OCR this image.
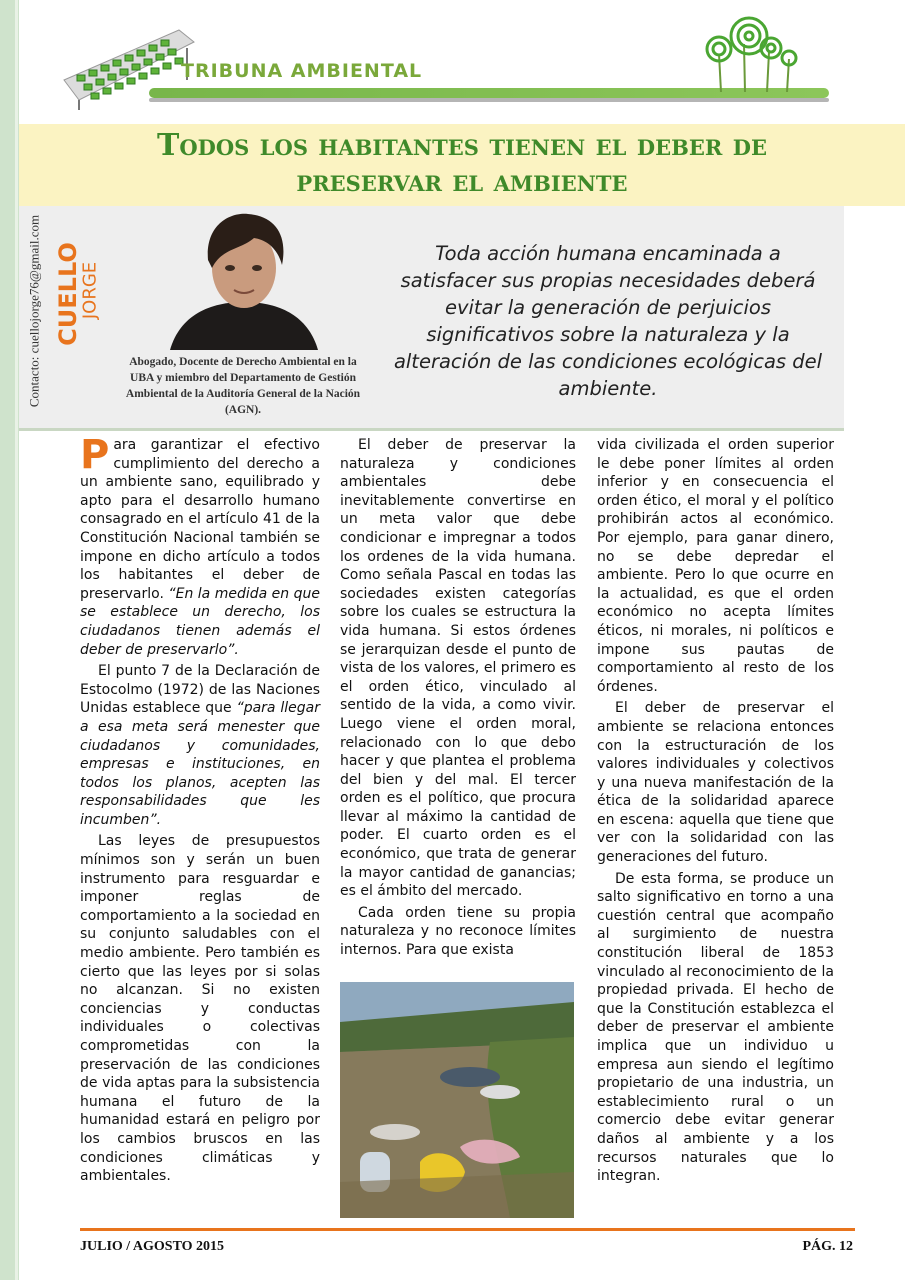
TRIBUNA AMBIENTAL
Todos los habitantes tienen el deber de
preservar el ambiente
Contacto: cuellojorge76@gmail.com CUELLO
JORGE
Abogado, Docente de Derecho Ambiental en la UBA y miembro del Departamento de Gestión Ambiental de la Auditoría General de la Nación (AGN).
Toda acción humana encaminada a satisfacer sus propias necesidades deberá evitar la generación de perjuicios significativos sobre la naturaleza y la alteración de las condiciones ecológicas del ambiente.

Para garantizar el efectivo cumplimiento del derecho a un ambiente sano, equilibrado y apto para el desarrollo humano consagrado en el artículo 41 de la Constitución Nacional también se impone en dicho artículo a todos los habitantes el deber de preservarlo. “En la medida en que se establece un derecho, los ciudadanos tienen además el deber de preservarlo”.

El punto 7 de la Declaración de Estocolmo (1972) de las Naciones Unidas establece que “para llegar a esa meta será menester que ciudadanos y comunidades, empresas e instituciones, en todos los planos, acepten las responsabilidades que les incumben”.

Las leyes de presupuestos mínimos son y serán un buen instrumento para resguardar e imponer reglas de comportamiento a la sociedad en su conjunto saludables con el medio ambiente. Pero también es cierto que las leyes por si solas no alcanzan. Si no existen conciencias y conductas individuales o colectivas comprometidas con la preservación de las condiciones de vida aptas para la subsistencia humana el futuro de la humanidad estará en peligro por los cambios bruscos en las condiciones climáticas y ambientales.

El deber de preservar la naturaleza y condiciones ambientales debe inevitablemente convertirse en un meta valor que debe condicionar e impregnar a todos los ordenes de la vida humana. Como señala Pascal en todas las sociedades existen categorías sobre los cuales se estructura la vida humana. Si estos órdenes se jerarquizan desde el punto de vista de los valores, el primero es el orden ético, vinculado al sentido de la vida, a como vivir. Luego viene el orden moral, relacionado con lo que debo hacer y que plantea el problema del bien y del mal. El tercer orden es el político, que procura llevar al máximo la cantidad de poder. El cuarto orden es el económico, que trata de generar la mayor cantidad de ganancias; es el ámbito del mercado.

Cada orden tiene su propia naturaleza y no reconoce límites internos. Para que exista

vida civilizada el orden superior le debe poner límites al orden inferior y en consecuencia el orden ético, el moral y el político prohibirán actos al económico. Por ejemplo, para ganar dinero, no se debe depredar el ambiente. Pero lo que ocurre en la actualidad, es que el orden económico no acepta límites éticos, ni morales, ni políticos e impone sus pautas de comportamiento al resto de los órdenes.

El deber de preservar el ambiente se relaciona entonces con la estructuración de los valores individuales y colectivos y una nueva manifestación de la ética de la solidaridad aparece en escena: aquella que tiene que ver con la solidaridad con las generaciones del futuro.

De esta forma, se produce un salto significativo en torno a una cuestión central que acompaño al surgimiento de nuestra constitución liberal de 1853 vinculado al reconocimiento de la propiedad privada. El hecho de que la Constitución establezca el deber de preservar el ambiente implica que un individuo u empresa aun siendo el legítimo propietario de una industria, un establecimiento rural o un comercio debe evitar generar daños al ambiente y a los recursos naturales que lo integran.

JULIO / AGOSTO 2015	PÁG. 12
